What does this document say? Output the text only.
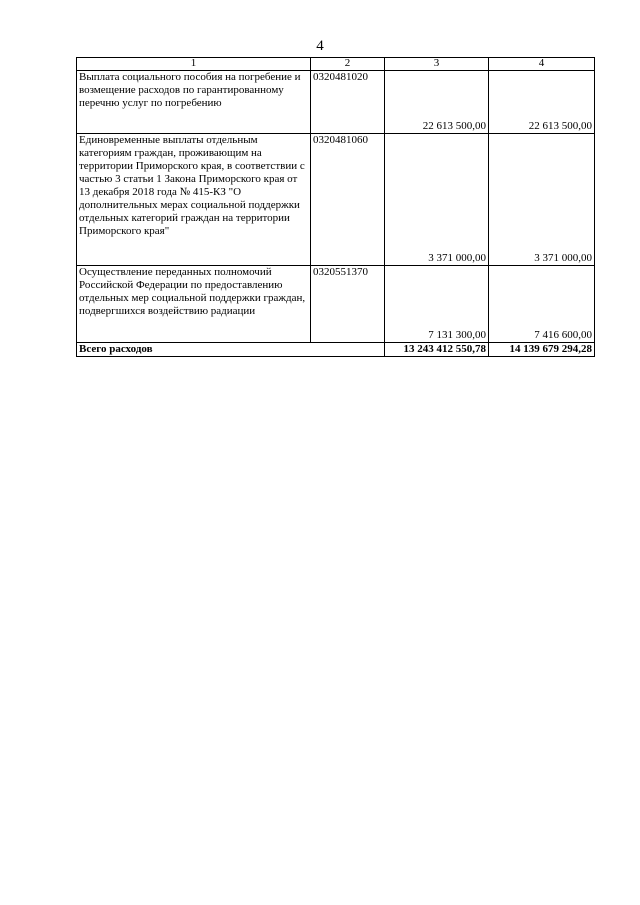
4
1	2	3	4
Выплата социального пособия на погребение и возмещение расходов по гарантированному перечню услуг по погребению	0320481020	22 613 500,00	22 613 500,00
Единовременные выплаты отдельным категориям граждан, проживающим на территории Приморского края, в соответствии с частью 3 статьи 1 Закона Приморского края от 13 декабря 2018 года № 415-КЗ "О дополнительных мерах социальной поддержки отдельных категорий граждан на территории Приморского края"	0320481060	3 371 000,00	3 371 000,00
Осуществление переданных полномочий Российской Федерации по предоставлению отдельных мер социальной поддержки граждан, подвергшихся воздействию радиации	0320551370	7 131 300,00	7 416 600,00
Всего расходов		13 243 412 550,78	14 139 679 294,28
